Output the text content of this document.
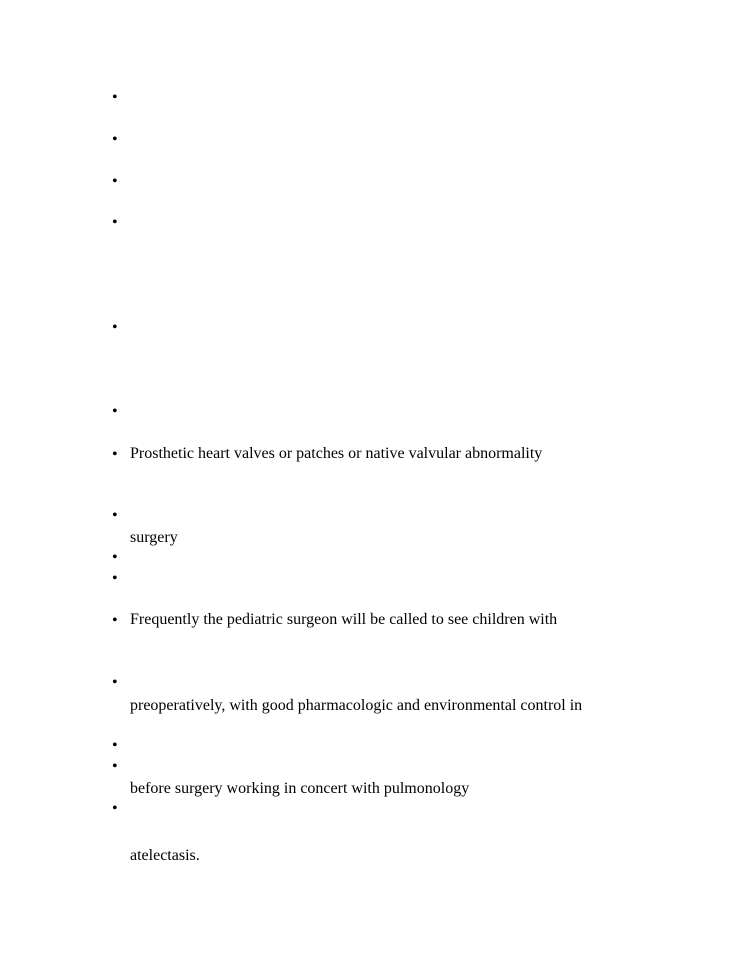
•
•
•
•
•
•
• Prosthetic heart valves or patches or native valvular abnormality
•
surgery
•
•
• Frequently the pediatric surgeon will be called to see children with
•
preoperatively, with good pharmacologic and environmental control in
•
•
before surgery working in concert with pulmonology
•
atelectasis.
